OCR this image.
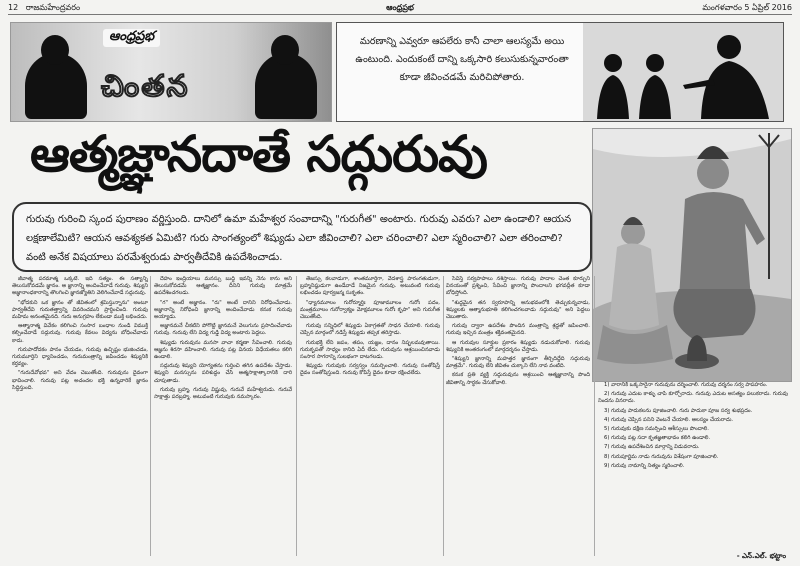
12 రాజమహేంద్రవరం	ఆంధ్రప్రభ	మంగళవారం 5 ఏప్రిల్ 2016
ఆంధ్రప్రభ
చింతన
మరణాన్ని ఎవ్వరూ ఆపలేరు కానీ చాలా ఆలస్యమే అయి ఉంటుంది. ఎందుకంటే దాన్ని ఒక్కసారి కలుసుకున్నవారంతా కూడా జీవించడమే మరిచిపోతారు.
ఆత్మజ్ఞానదాతే సద్గురువు
గురువు గురించి స్కంద పురాణం వర్ణిస్తుంది. దానిలో ఉమా మహేశ్వర సంవాదాన్ని "గురుగీత" అంటారు. గురువు ఎవరు? ఎలా ఉండాలి? ఆయన లక్షణాలేమిటి? ఆయన ఆవశ్యకత ఏమిటి? గురు సాంగత్యంలో శిష్యుడు ఎలా జీవించాలి? ఎలా చరించాలి? ఎలా స్మరించాలి? ఎలా తరించాలి? వంటి అనేక విషయాలు పరమేశ్వరుడు పార్వతీదేవికి ఉపదేశించాడు.

జీవాత్మ పరమాత్మ ఒక్కటే. ఇది సత్యం. ఈ సత్యాన్ని తెలుసుకోవడమే జ్ఞానం. ఆ జ్ఞానాన్ని అందించేవాడే గురువు. శిష్యుని అజ్ఞానాంధకారాన్ని తొలగించి జ్ఞానజ్యోతిని వెలిగించేవాడే సద్గురువు.

"భోదకుని ఒక జ్ఞానం తో జీవితంలో శ్రమిస్తున్నాను" అంటూ పార్వతీదేవి గురుతత్త్వాన్ని వివరించమని ప్రార్థించింది. గురువు మహిమ అనంతమైనది. గురు అనుగ్రహం లేకుండా ముక్తి లభించదు.

ఆత్మానాత్మ వివేకం కలిగించి సంసార బంధాల నుండి విముక్తి కల్పించేవాడే సద్గురువు. గురువు కేవలం విద్యను బోధించేవాడు కాదు.

గురుపాదోదకం పానం చేయడం, గురువు ఉచ్ఛిష్టం భుజించడం, గురుమూర్తిని ధ్యానించడం, గురుమంత్రాన్ని జపించడం శిష్యునికి కర్తవ్యం.

"గురుదేవోభవ" అని వేదం చెబుతోంది. గురువును దైవంగా భావించాలి. గురువు పట్ల అచంచల భక్తి ఉన్నవారికే జ్ఞానం సిద్ధిస్తుంది.

దేహం ఇంద్రియాలు మనస్సు బుద్ధి ఇవన్నీ నేను కాను అని తెలుసుకోవడమే ఆత్మజ్ఞానం. దీనిని గురువు మాత్రమే ఉపదేశించగలడు.

"గ" అంటే అజ్ఞానం. "రు" అంటే దానిని నిరోధించేవాడు. అజ్ఞానాన్ని నిరోధించి జ్ఞానాన్ని అందించేవాడు కనుక గురువు అయ్యాడు.

అజ్ఞానమనే చీకటిని పోగొట్టి జ్ఞానమనే వెలుగును ప్రసాదించేవాడు గురువు. గురువు లేని విద్య గుడ్డి విద్య అంటారు పెద్దలు.

శిష్యుడు గురువును మనసా వాచా కర్మణా సేవించాలి. గురువు ఆజ్ఞను శిరసా వహించాలి. గురువు పట్ల వినయ విధేయతలు కలిగి ఉండాలి.

సద్గురువు శిష్యుని యోగ్యతను గుర్తించి తగిన ఉపదేశం చేస్తాడు. శిష్యుని మనస్సును పరిశుద్ధం చేసి ఆత్మసాక్షాత్కారానికి దారి చూపుతాడు.

గురువు బ్రహ్మ, గురువు విష్ణువు, గురువే మహేశ్వరుడు. గురువే సాక్షాత్తు పరబ్రహ్మ. అటువంటి గురువుకు నమస్కారం.

తేజస్సు కలవాడుగా, శాంతమూర్తిగా, వేదశాస్త్ర పారంగతుడుగా, బ్రహ్మనిష్ఠుడుగా ఉండేవాడే నిజమైన గురువు. అటువంటి గురువు లభించడం పూర్వజన్మ సుకృతం.

"ధ్యానమూలం గురోర్మూర్తిః పూజామూలం గురోః పదం, మంత్రమూలం గురోర్వాక్యం మోక్షమూలం గురోః కృపా" అని గురుగీత చెబుతోంది.

గురువు సన్నిధిలో శిష్యుడు ఏకాగ్రతతో సాధన చేయాలి. గురువు చెప్పిన మార్గంలో నడిస్తే శిష్యుడు తప్పక తరిస్తాడు.

గురుభక్తి లేని జపం, తపం, యజ్ఞం, దానం నిష్ఫలమవుతాయి. గురుకృపతో సాధ్యం కానిది ఏదీ లేదు. గురువును ఆశ్రయించినవాడు సంసార సాగరాన్ని సులభంగా దాటగలడు.

శిష్యుడు గురువుకు సర్వస్వం సమర్పించాలి. గురువు సంతోషిస్తే దైవం సంతోషిస్తుంది. గురువు కోపిస్తే దైవం కూడా రక్షించలేదు.

సేవిస్తే సర్వపాపాలు నశిస్తాయి. గురువు పాదాల చెంత కూర్చుని వినయంతో ప్రశ్నించి, సేవించి జ్ఞానాన్ని పొందాలని భగవద్గీత కూడా బోధిస్తోంది.

"శుద్ధమైన తన స్వరూపాన్ని అనుభవంలోకి తెచ్చుకున్నవాడు, శిష్యులకు ఆత్మానుభూతి కలిగించగలవాడు సద్గురువు" అని పెద్దలు చెబుతారు.

గురువు ద్వారా ఉపదేశం పొందిన మంత్రాన్ని శ్రద్ధతో జపించాలి. గురువు ఇచ్చిన మంత్రం శక్తివంతమైనది.

ఆ గురువుల సూక్తుల ప్రకారం శిష్యుడు నడుచుకోవాలి. గురువు శిష్యునికి అంతరంగంలో మార్గదర్శనం చేస్తాడు.

"శిష్యుని జ్ఞానాన్ని మహత్తర జ్ఞానంగా తీర్చిదిద్దేది సద్గురువు మాత్రమే". గురువు లేని జీవితం చుక్కాని లేని నావ వంటిది.

కనుక ప్రతి వ్యక్తి సద్గురువును ఆశ్రయించి ఆత్మజ్ఞానాన్ని పొంది జీవితాన్ని సార్థకం చేసుకోవాలి.	1) వారానికి ఒక్కసారైనా గురువును దర్శించాలి. గురువు దర్శనం సర్వ పాపహరం.

2) గురువు ఎదుట కాళ్ళు చాపి కూర్చోరాదు. గురువు ఎదుట అసత్యం పలుకరాదు. గురువు నిందను వినరాదు.

3) గురువు పాదుకలను పూజించాలి. గురు పాదుకా పూజ సర్వ శుభప్రదం.

4) గురువు చెప్పిన పనిని వెంటనే చేయాలి. ఆలస్యం చేయరాదు.

5) గురువుకు దక్షిణ సమర్పించి ఆశీస్సులు పొందాలి.

6) గురువు పట్ల సదా కృతజ్ఞతాభావం కలిగి ఉండాలి.

7) గురువు ఉపదేశించిన మార్గాన్ని విడువరాదు.

8) గురుపూర్ణిమ నాడు గురువును విశేషంగా పూజించాలి.

9) గురువు నామాన్ని నిత్యం స్మరించాలి.

- ఎన్.ఎల్. భట్టాం
